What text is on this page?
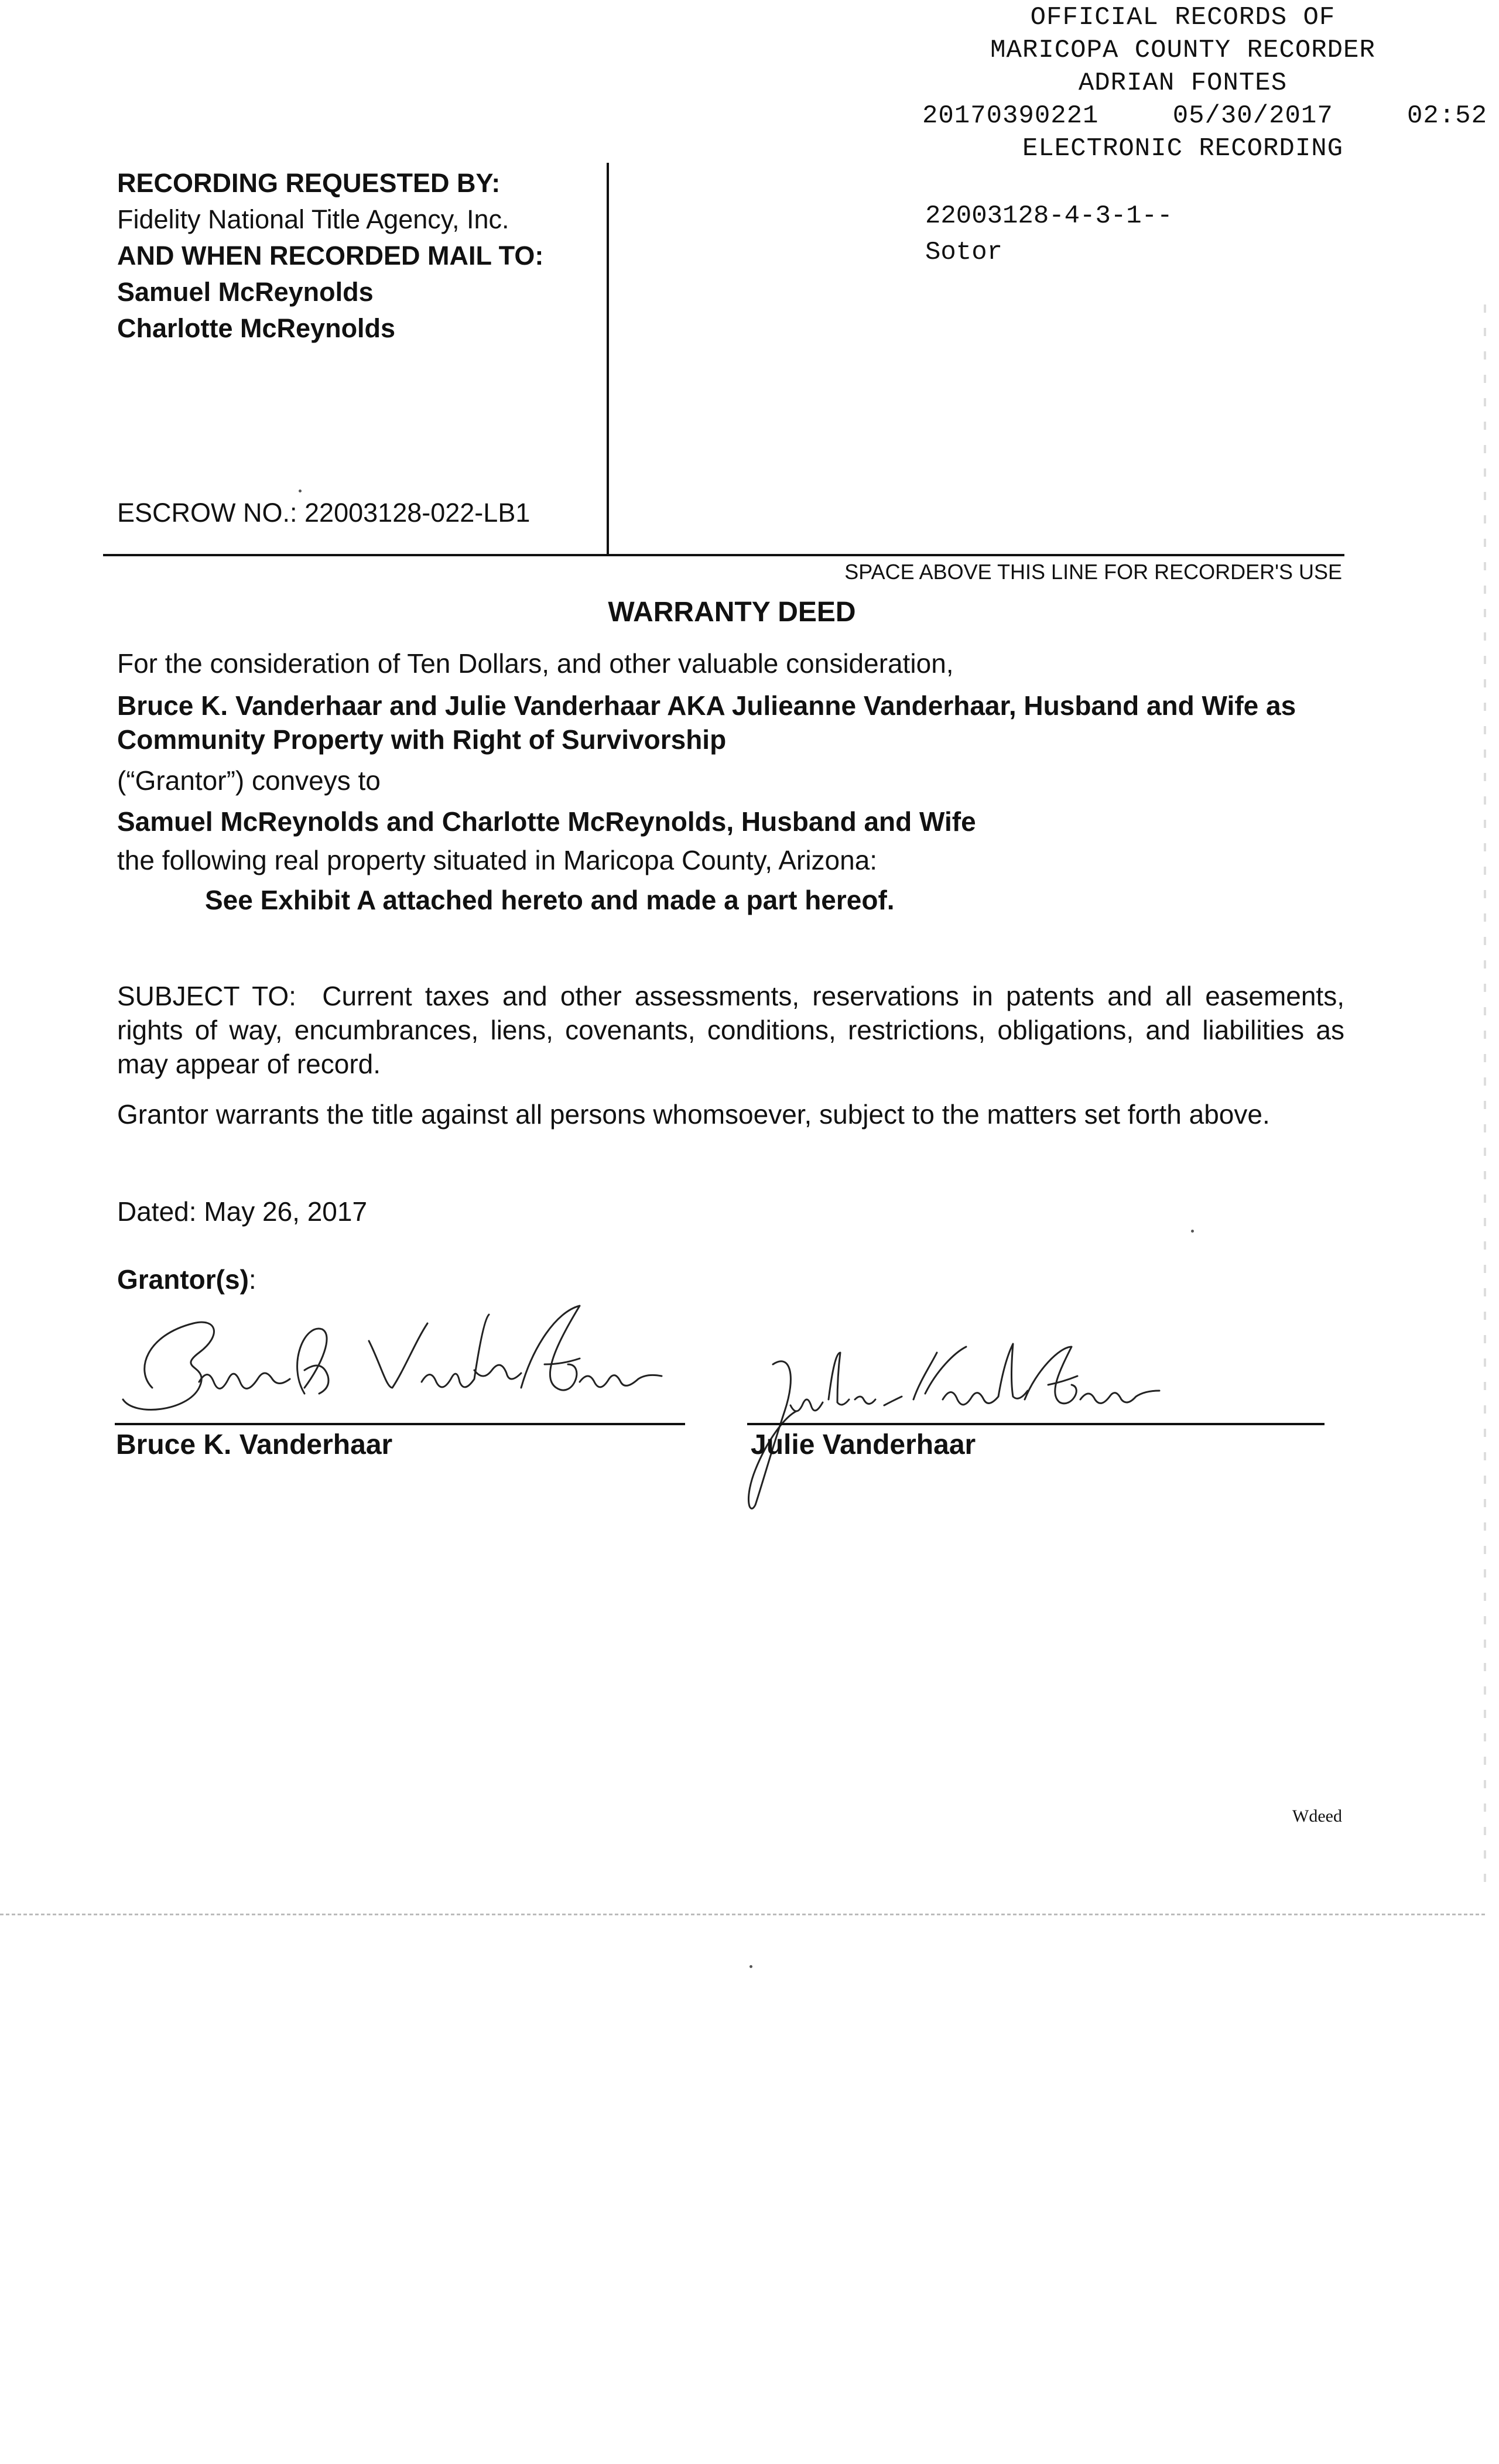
OFFICIAL RECORDS OF
MARICOPA COUNTY RECORDER
ADRIAN FONTES
20170390221	05/30/2017	02:52
ELECTRONIC RECORDING
22003128-4-3-1--
Sotor
RECORDING REQUESTED BY:
Fidelity National Title Agency, Inc.
AND WHEN RECORDED MAIL TO:
Samuel McReynolds
Charlotte McReynolds
ESCROW NO.: 22003128-022-LB1
SPACE ABOVE THIS LINE FOR RECORDER'S USE
WARRANTY DEED
For the consideration of Ten Dollars, and other valuable consideration,
Bruce K. Vanderhaar and Julie Vanderhaar AKA Julieanne Vanderhaar, Husband and Wife as Community Property with Right of Survivorship
(“Grantor”) conveys to
Samuel McReynolds and Charlotte McReynolds, Husband and Wife
the following real property situated in Maricopa County, Arizona:
See Exhibit A attached hereto and made a part hereof.
SUBJECT TO:  Current taxes and other assessments, reservations in patents and all easements, rights of way, encumbrances, liens, covenants, conditions, restrictions, obligations, and liabilities as may appear of record.
Grantor warrants the title against all persons whomsoever, subject to the matters set forth above.
Dated: May 26, 2017
Grantor(s):
Bruce K. Vanderhaar	Julie Vanderhaar
Wdeed
